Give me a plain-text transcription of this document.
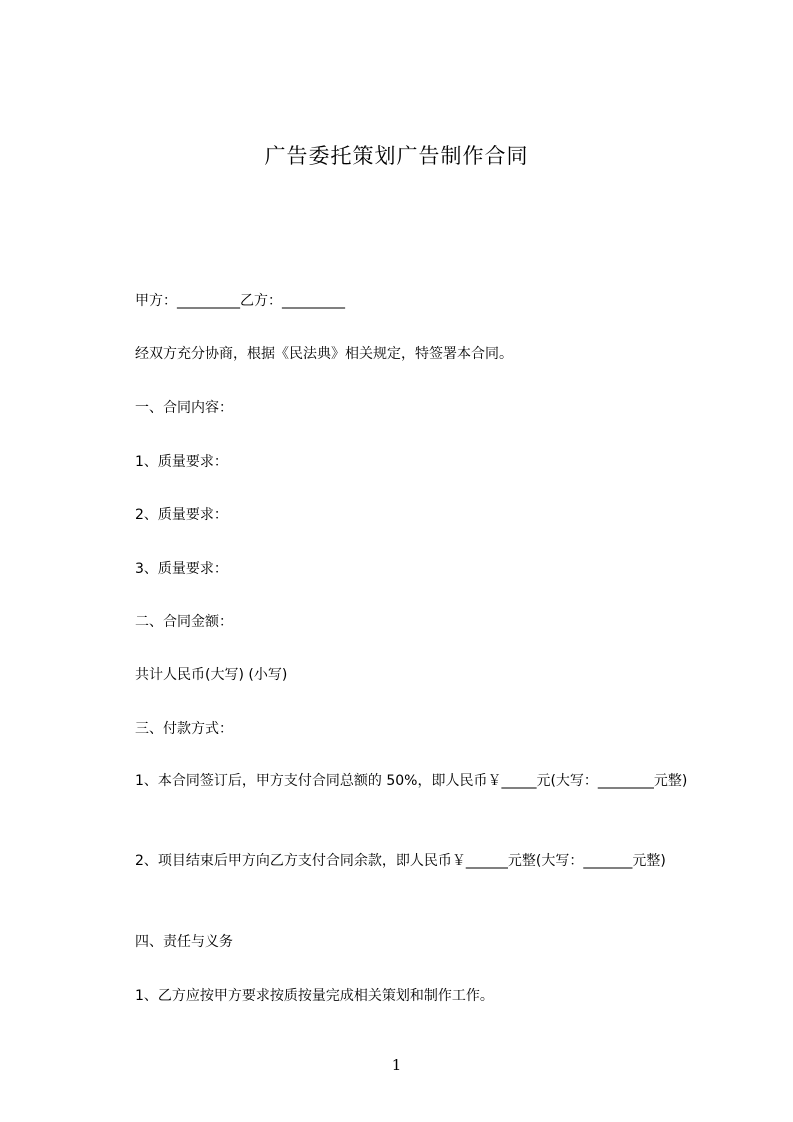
广告委托策划广告制作合同
甲方：_________乙方：_________
经双方充分协商，根据《民法典》相关规定，特签署本合同。
一、合同内容：
1、质量要求：
2、质量要求：
3、质量要求：
二、合同金额：
共计人民币(大写) (小写)
三、付款方式：
1、本合同签订后，甲方支付合同总额的 50%，即人民币￥_____元(大写：________元整)
2、项目结束后甲方向乙方支付合同余款，即人民币￥______元整(大写：_______元整)
四、责任与义务
1、乙方应按甲方要求按质按量完成相关策划和制作工作。
1
